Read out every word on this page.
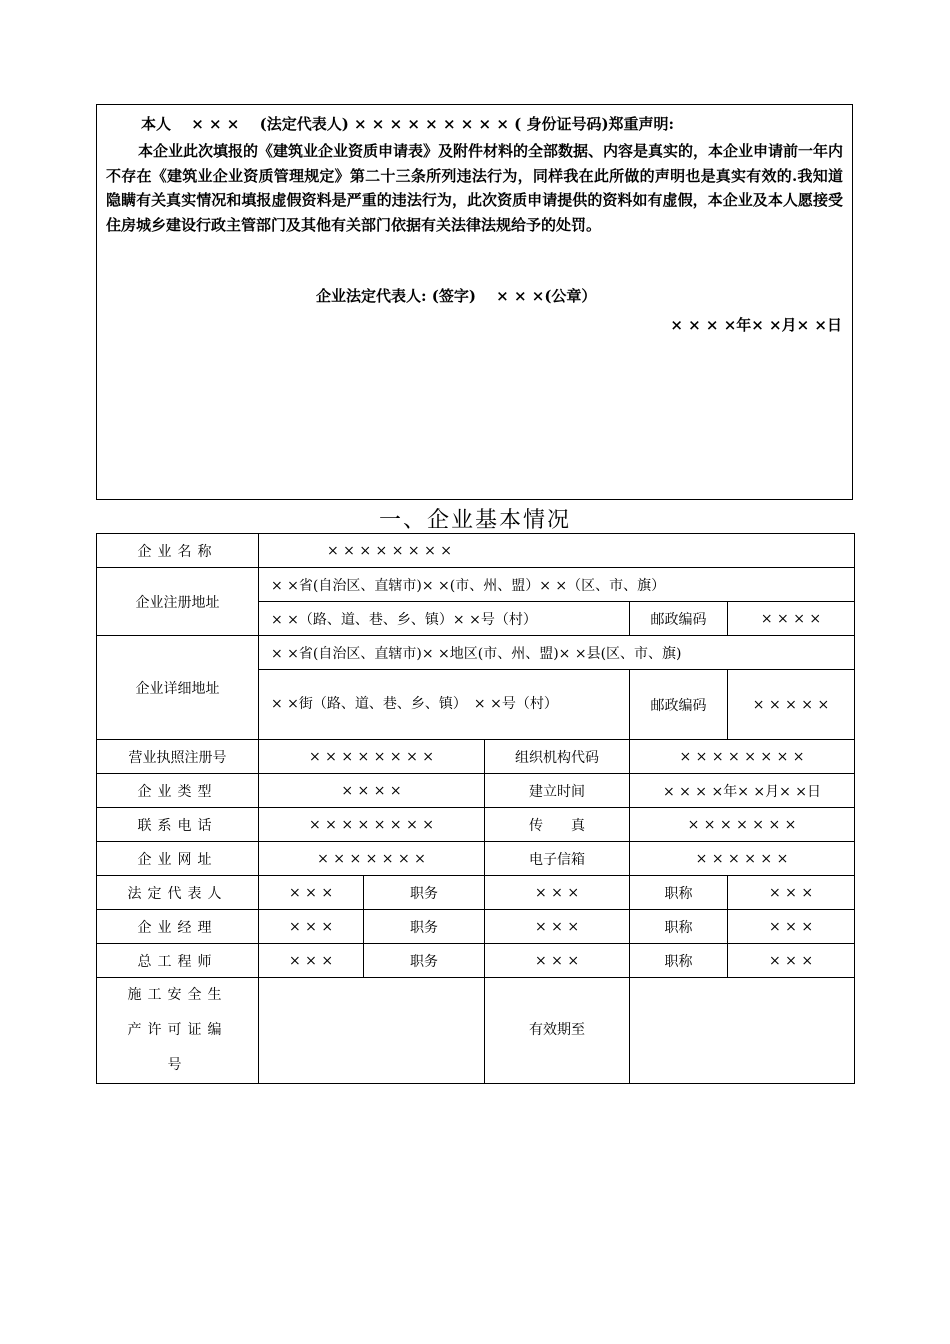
本人　 × × ×　 (法定代表人) × × × × × × × × × ( 身份证号码)郑重声明:
本企业此次填报的《建筑业企业资质申请表》及附件材料的全部数据、内容是真实的，本企业申请前一年内不存在《建筑业企业资质管理规定》第二十三条所列违法行为，同样我在此所做的声明也是真实有效的.我知道隐瞒有关真实情况和填报虚假资料是严重的违法行为，此次资质申请提供的资料如有虚假，本企业及本人愿接受住房城乡建设行政主管部门及其他有关部门依据有关法律法规给予的处罚。
企业法定代表人: (签字)　 × × ×(公章）
× × × ×年× ×月× ×日
一、企业基本情况
企业名称	× × × × × × × ×				
企业注册地址	× ×省(自治区、直辖市)× ×(市、州、盟）× ×（区、市、旗）				
	× ×（路、道、巷、乡、镇）× ×号（村）			邮政编码	× × × ×
企业详细地址	× ×省(自治区、直辖市)× ×地区(市、州、盟)× ×县(区、市、旗)				
	× ×街（路、道、巷、乡、镇）　× ×号（村）			邮政编码	× × × × ×
营业执照注册号	× × × × × × × ×		组织机构代码	× × × × × × × ×	
企业类型	× × × ×		建立时间	× × × ×年× ×月× ×日	
联系电话	× × × × × × × ×		传　　真	× × × × × × ×	
企业网址	× × × × × × ×		电子信箱	× × × × × ×	
法定代表人	× × ×	职务	× × ×	职称	× × ×
企业经理	× × ×	职务	× × ×	职称	× × ×
总工程师	× × ×	职务	× × ×	职称	× × ×
施工安全生产许可证编号			有效期至		
